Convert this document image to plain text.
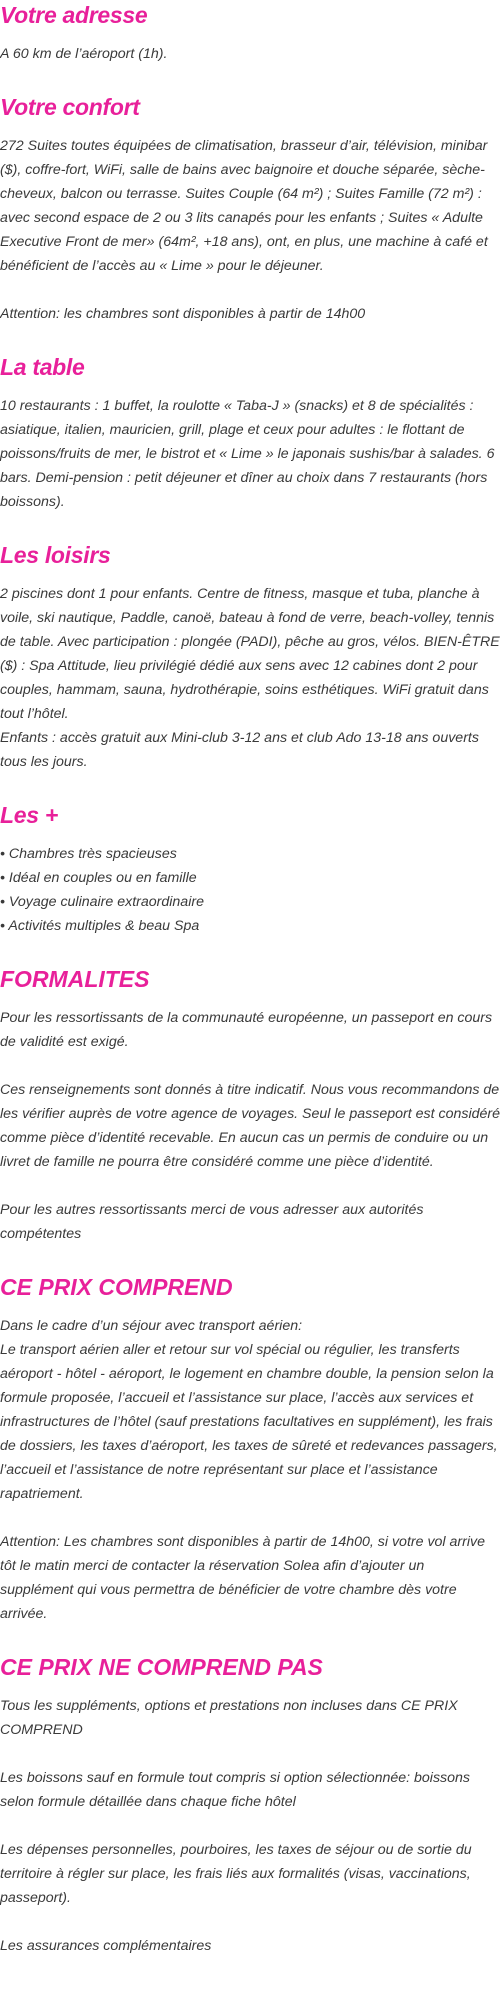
Votre adresse

A 60 km de l’aéroport (1h).

Votre confort

272 Suites toutes équipées de climatisation, brasseur d’air, télévision, minibar ($), coffre-fort, WiFi, salle de bains avec baignoire et douche séparée, sèche-cheveux, balcon ou terrasse. Suites Couple (64 m²) ; Suites Famille (72 m²) : avec second espace de 2 ou 3 lits canapés pour les enfants ; Suites « Adulte Executive Front de mer» (64m², +18 ans), ont, en plus, une machine à café et bénéficient de l’accès au « Lime » pour le déjeuner.

Attention: les chambres sont disponibles à partir de 14h00

La table

10 restaurants : 1 buffet, la roulotte « Taba-J » (snacks) et 8 de spécialités : asiatique, italien, mauricien, grill, plage et ceux pour adultes : le flottant de poissons/fruits de mer, le bistrot et « Lime » le japonais sushis/bar à salades. 6 bars. Demi-pension : petit déjeuner et dîner au choix dans 7 restaurants (hors boissons).

Les loisirs

2 piscines dont 1 pour enfants. Centre de fitness, masque et tuba, planche à voile, ski nautique, Paddle, canoë, bateau à fond de verre, beach-volley, tennis de table. Avec participation : plongée (PADI), pêche au gros, vélos. BIEN-ÊTRE ($) : Spa Attitude, lieu privilégié dédié aux sens avec 12 cabines dont 2 pour couples, hammam, sauna, hydrothérapie, soins esthétiques. WiFi gratuit dans tout l’hôtel.

Enfants : accès gratuit aux Mini-club 3-12 ans et club Ado 13-18 ans ouverts tous les jours.

Les +
• Chambres très spacieuses
• Idéal en couples ou en famille
• Voyage culinaire extraordinaire
• Activités multiples & beau Spa
FORMALITES

Pour les ressortissants de la communauté européenne, un passeport en cours de validité est exigé.

Ces renseignements sont donnés à titre indicatif. Nous vous recommandons de les vérifier auprès de votre agence de voyages. Seul le passeport est considéré comme pièce d’identité recevable. En aucun cas un permis de conduire ou un livret de famille ne pourra être considéré comme une pièce d’identité.

Pour les autres ressortissants merci de vous adresser aux autorités compétentes

CE PRIX COMPREND

Dans le cadre d’un séjour avec transport aérien:

Le transport aérien aller et retour sur vol spécial ou régulier, les transferts aéroport - hôtel - aéroport, le logement en chambre double, la pension selon la formule proposée, l’accueil et l’assistance sur place, l’accès aux services et infrastructures de l’hôtel (sauf prestations facultatives en supplément), les frais de dossiers, les taxes d’aéroport, les taxes de sûreté et redevances passagers, l’accueil et l’assistance de notre représentant sur place et l’assistance rapatriement.

Attention: Les chambres sont disponibles à partir de 14h00, si votre vol arrive tôt le matin merci de contacter la réservation Solea afin d’ajouter un supplément qui vous permettra de bénéficier de votre chambre dès votre arrivée.

CE PRIX NE COMPREND PAS

Tous les suppléments, options et prestations non incluses dans CE PRIX COMPREND

Les boissons sauf en formule tout compris si option sélectionnée: boissons selon formule détaillée dans chaque fiche hôtel

Les dépenses personnelles, pourboires, les taxes de séjour ou de sortie du territoire à régler sur place, les frais liés aux formalités (visas, vaccinations, passeport).

Les assurances complémentaires
